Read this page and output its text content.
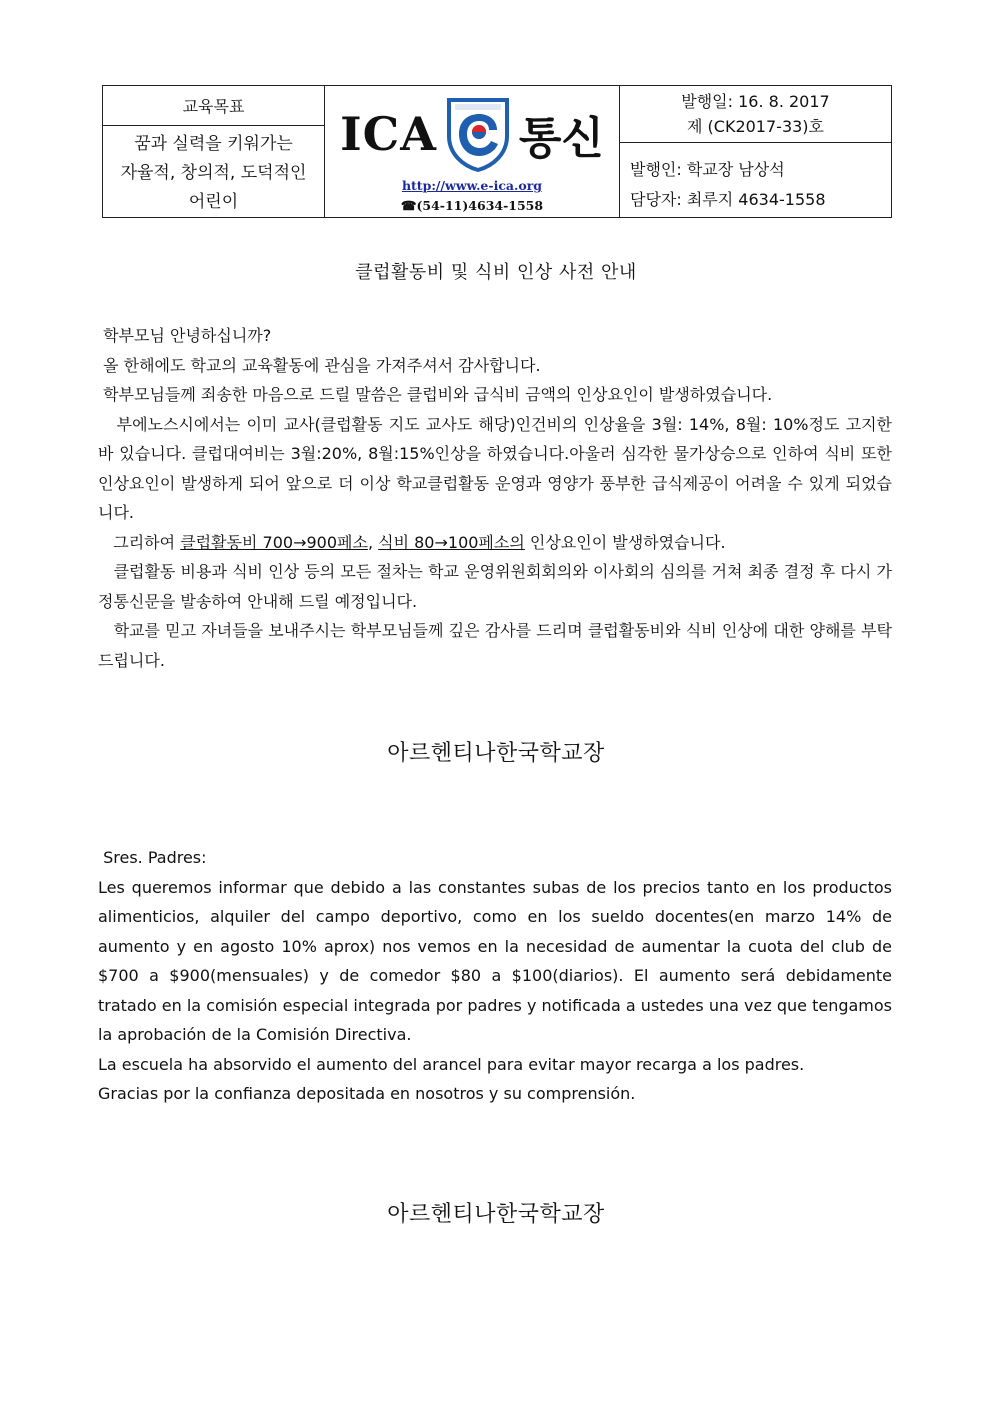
교육목표
꿈과 실력을 키워가는
자율적, 창의적, 도덕적인
어린이
ICA 통신
http://www.e-ica.org
☎(54-11)4634-1558
발행일: 16. 8. 2017
제 (CK2017-33)호
발행인: 학교장 남상석
담당자: 최루지 4634-1558
클럽활동비 및 식비 인상 사전 안내

학부모님 안녕하십니까?

올 한해에도 학교의 교육활동에 관심을 가져주셔서 감사합니다.

학부모님들께 죄송한 마음으로 드릴 말씀은 클럽비와 급식비 금액의 인상요인이 발생하였습니다.

부에노스시에서는 이미 교사(클럽활동 지도 교사도 해당)인건비의 인상율을 3월: 14%, 8월: 10%정도 고지한 바 있습니다. 클럽대여비는 3월:20%, 8월:15%인상을 하였습니다.아울러 심각한 물가상승으로 인하여 식비 또한 인상요인이 발생하게 되어 앞으로 더 이상 학교클럽활동 운영과 영양가 풍부한 급식제공이 어려울 수 있게 되었습니다.

그리하여 클럽활동비 700→900페소, 식비 80→100페소의 인상요인이 발생하였습니다.

클럽활동 비용과 식비 인상 등의 모든 절차는 학교 운영위원회회의와 이사회의 심의를 거쳐 최종 결정 후 다시 가정통신문을 발송하여 안내해 드릴 예정입니다.

학교를 믿고 자녀들을 보내주시는 학부모님들께 깊은 감사를 드리며 클럽활동비와 식비 인상에 대한 양해를 부탁드립니다.

아르헨티나한국학교장

Sres. Padres:

Les queremos informar que debido a las constantes subas de los precios tanto en los productos alimenticios, alquiler del campo deportivo, como en los sueldo docentes(en marzo 14% de aumento y en agosto 10% aprox) nos vemos en la necesidad de aumentar la cuota del club de $700 a $900(mensuales) y de comedor $80 a $100(diarios). El aumento será debidamente tratado en la comisión especial integrada por padres y notificada a ustedes una vez que tengamos la aprobación de la Comisión Directiva.

La escuela ha absorvido el aumento del arancel para evitar mayor recarga a los padres.

Gracias por la confianza depositada en nosotros y su comprensión.

아르헨티나한국학교장
